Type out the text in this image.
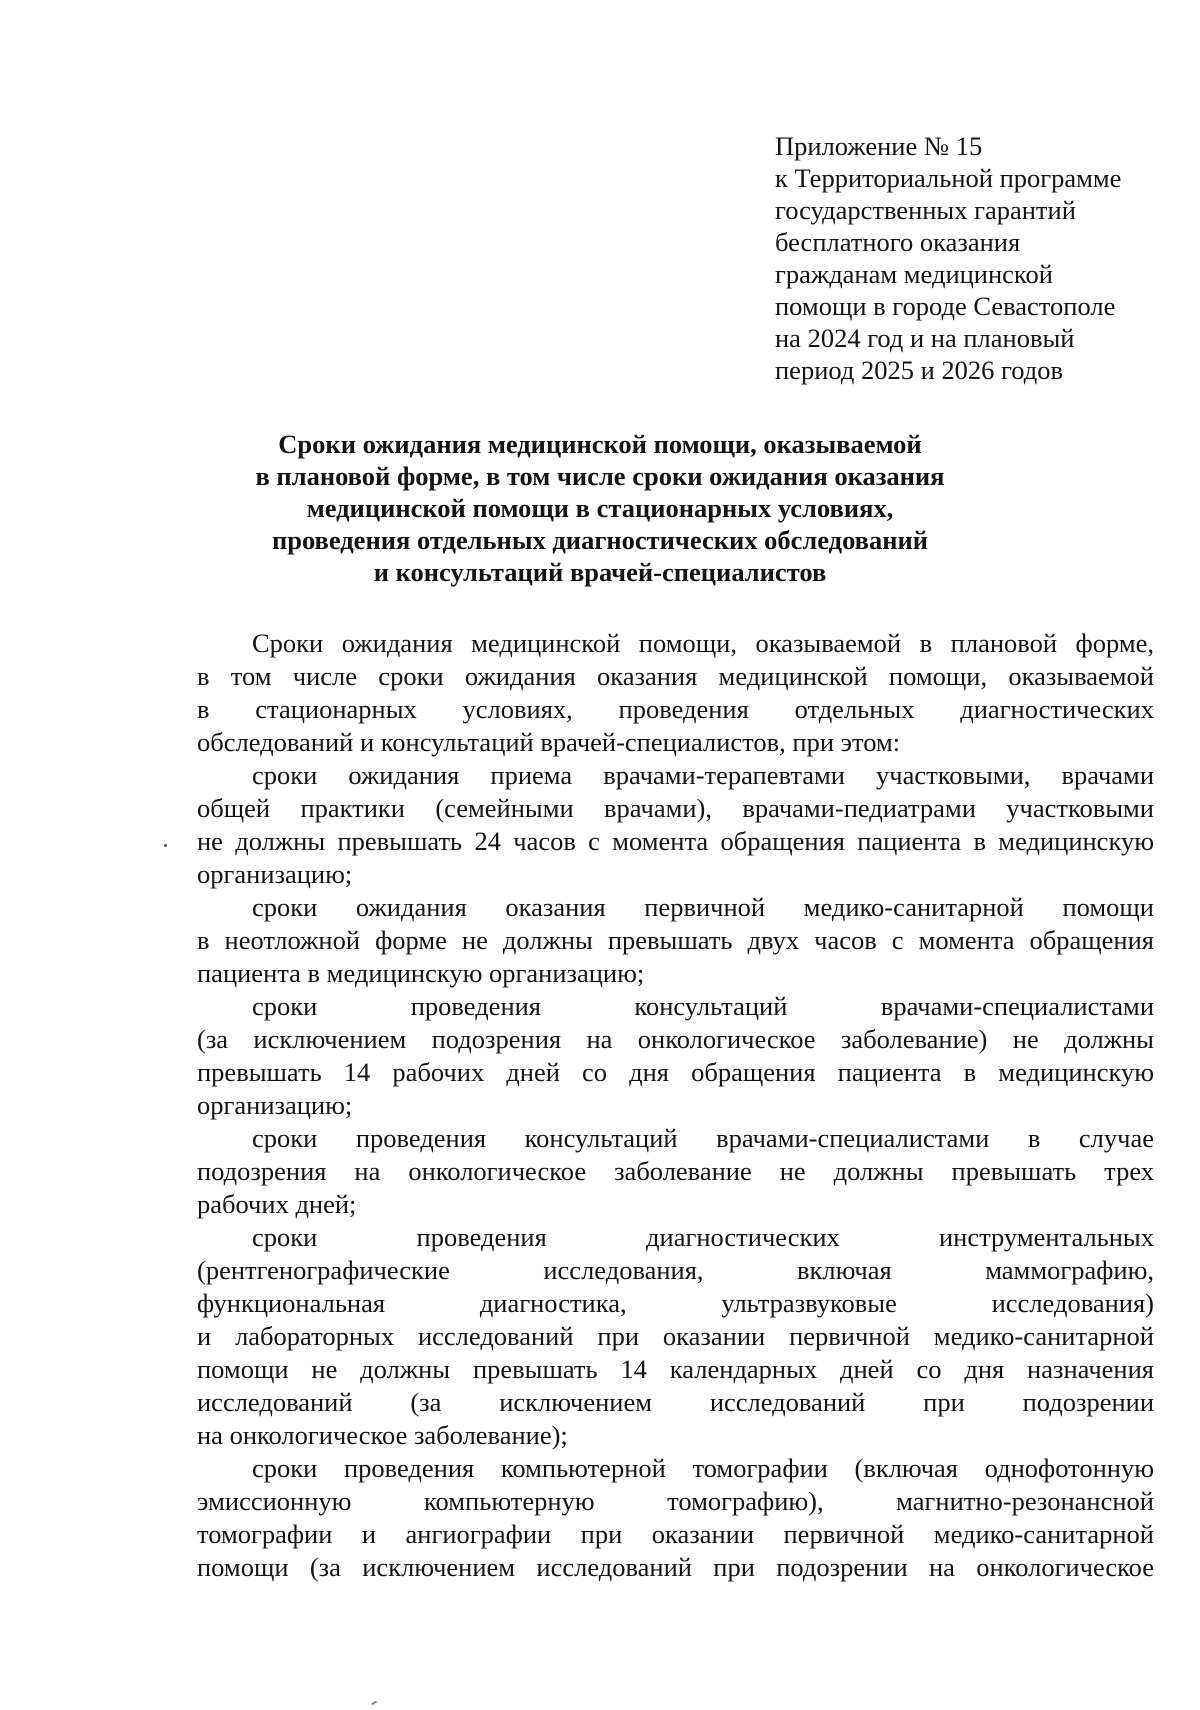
Приложение № 15
к Территориальной программе
государственных гарантий
бесплатного оказания
гражданам медицинской
помощи в городе Севастополе
на 2024 год и на плановый
период 2025 и 2026 годов
Сроки ожидания медицинской помощи, оказываемой
в плановой форме, в том числе сроки ожидания оказания
медицинской помощи в стационарных условиях,
проведения отдельных диагностических обследований
и консультаций врачей-специалистов
Сроки ожидания медицинской помощи, оказываемой в плановой форме,
в том числе сроки ожидания оказания медицинской помощи, оказываемой
в стационарных условиях, проведения отдельных диагностических
обследований и консультаций врачей-специалистов, при этом:
сроки ожидания приема врачами-терапевтами участковыми, врачами
общей практики (семейными врачами), врачами-педиатрами участковыми
не должны превышать 24 часов с момента обращения пациента в медицинскую
организацию;
сроки ожидания оказания первичной медико-санитарной помощи
в неотложной форме не должны превышать двух часов с момента обращения
пациента в медицинскую организацию;
сроки проведения консультаций врачами-специалистами
(за исключением подозрения на онкологическое заболевание) не должны
превышать 14 рабочих дней со дня обращения пациента в медицинскую
организацию;
сроки проведения консультаций врачами-специалистами в случае
подозрения на онкологическое заболевание не должны превышать трех
рабочих дней;
сроки проведения диагностических инструментальных
(рентгенографические исследования, включая маммографию,
функциональная диагностика, ультразвуковые исследования)
и лабораторных исследований при оказании первичной медико-санитарной
помощи не должны превышать 14 календарных дней со дня назначения
исследований (за исключением исследований при подозрении
на онкологическое заболевание);
сроки проведения компьютерной томографии (включая однофотонную
эмиссионную компьютерную томографию), магнитно-резонансной
томографии и ангиографии при оказании первичной медико-санитарной
помощи (за исключением исследований при подозрении на онкологическое
